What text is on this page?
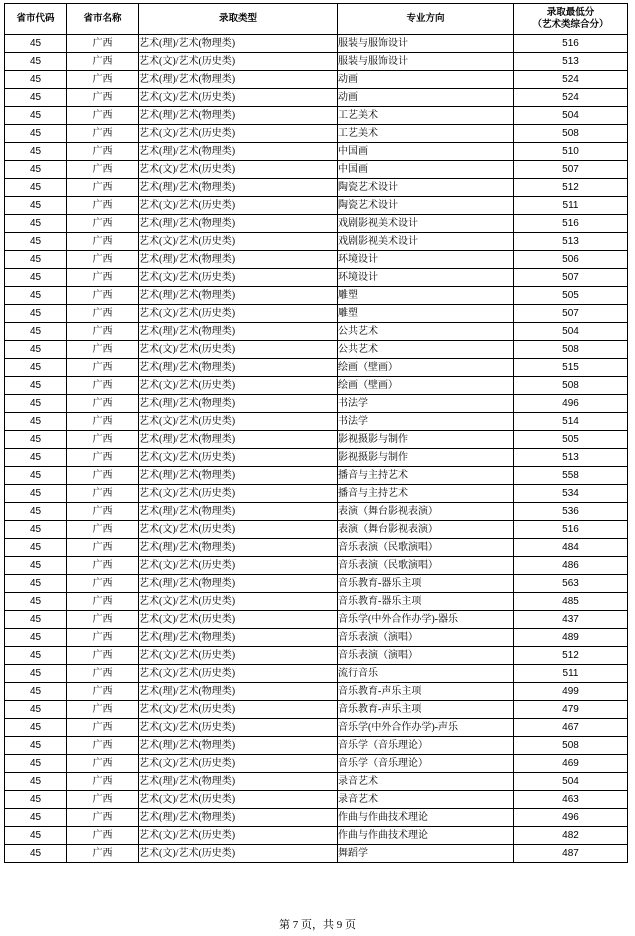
省市代码	省市名称	录取类型	专业方向	录取最低分
（艺术类综合分）

45	广西	艺术(理)/艺术(物理类)	服装与服饰设计	516
45	广西	艺术(文)/艺术(历史类)	服装与服饰设计	513
45	广西	艺术(理)/艺术(物理类)	动画	524
45	广西	艺术(文)/艺术(历史类)	动画	524
45	广西	艺术(理)/艺术(物理类)	工艺美术	504
45	广西	艺术(文)/艺术(历史类)	工艺美术	508
45	广西	艺术(理)/艺术(物理类)	中国画	510
45	广西	艺术(文)/艺术(历史类)	中国画	507
45	广西	艺术(理)/艺术(物理类)	陶瓷艺术设计	512
45	广西	艺术(文)/艺术(历史类)	陶瓷艺术设计	511
45	广西	艺术(理)/艺术(物理类)	戏剧影视美术设计	516
45	广西	艺术(文)/艺术(历史类)	戏剧影视美术设计	513
45	广西	艺术(理)/艺术(物理类)	环境设计	506
45	广西	艺术(文)/艺术(历史类)	环境设计	507
45	广西	艺术(理)/艺术(物理类)	雕塑	505
45	广西	艺术(文)/艺术(历史类)	雕塑	507
45	广西	艺术(理)/艺术(物理类)	公共艺术	504
45	广西	艺术(文)/艺术(历史类)	公共艺术	508
45	广西	艺术(理)/艺术(物理类)	绘画（壁画）	515
45	广西	艺术(文)/艺术(历史类)	绘画（壁画）	508
45	广西	艺术(理)/艺术(物理类)	书法学	496
45	广西	艺术(文)/艺术(历史类)	书法学	514
45	广西	艺术(理)/艺术(物理类)	影视摄影与制作	505
45	广西	艺术(文)/艺术(历史类)	影视摄影与制作	513
45	广西	艺术(理)/艺术(物理类)	播音与主持艺术	558
45	广西	艺术(文)/艺术(历史类)	播音与主持艺术	534
45	广西	艺术(理)/艺术(物理类)	表演（舞台影视表演）	536
45	广西	艺术(文)/艺术(历史类)	表演（舞台影视表演）	516
45	广西	艺术(理)/艺术(物理类)	音乐表演（民歌演唱）	484
45	广西	艺术(文)/艺术(历史类)	音乐表演（民歌演唱）	486
45	广西	艺术(理)/艺术(物理类)	音乐教育-器乐主项	563
45	广西	艺术(文)/艺术(历史类)	音乐教育-器乐主项	485
45	广西	艺术(文)/艺术(历史类)	音乐学(中外合作办学)-器乐	437
45	广西	艺术(理)/艺术(物理类)	音乐表演（演唱）	489
45	广西	艺术(文)/艺术(历史类)	音乐表演（演唱）	512
45	广西	艺术(文)/艺术(历史类)	流行音乐	511
45	广西	艺术(理)/艺术(物理类)	音乐教育-声乐主项	499
45	广西	艺术(文)/艺术(历史类)	音乐教育-声乐主项	479
45	广西	艺术(文)/艺术(历史类)	音乐学(中外合作办学)-声乐	467
45	广西	艺术(理)/艺术(物理类)	音乐学（音乐理论）	508
45	广西	艺术(文)/艺术(历史类)	音乐学（音乐理论）	469
45	广西	艺术(理)/艺术(物理类)	录音艺术	504
45	广西	艺术(文)/艺术(历史类)	录音艺术	463
45	广西	艺术(理)/艺术(物理类)	作曲与作曲技术理论	496
45	广西	艺术(文)/艺术(历史类)	作曲与作曲技术理论	482
45	广西	艺术(文)/艺术(历史类)	舞蹈学	487
第 7 页，共 9 页
